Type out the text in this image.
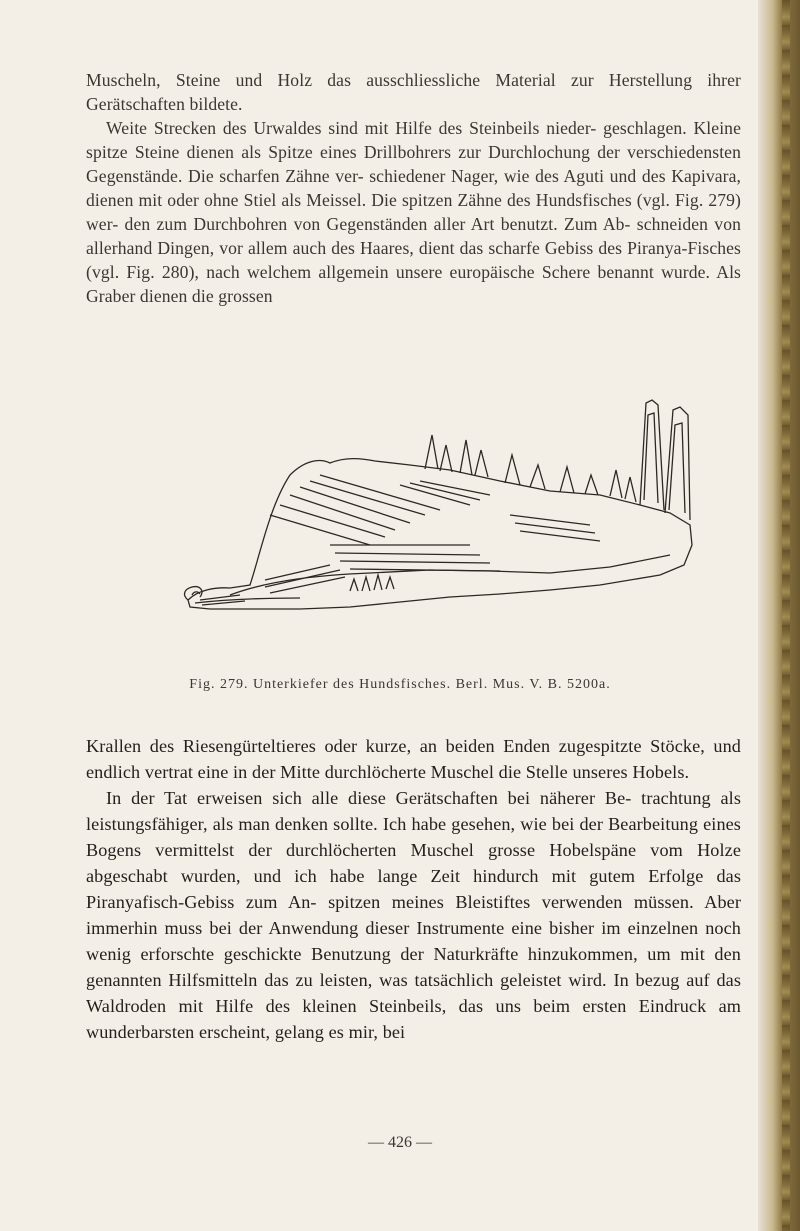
Muscheln, Steine und Holz das ausschliessliche Material zur Herstellung ihrer Gerätschaften bildete.

Weite Strecken des Urwaldes sind mit Hilfe des Steinbeils nieder- geschlagen. Kleine spitze Steine dienen als Spitze eines Drillbohrers zur Durchlochung der verschiedensten Gegenstände. Die scharfen Zähne ver- schiedener Nager, wie des Aguti und des Kapivara, dienen mit oder ohne Stiel als Meissel. Die spitzen Zähne des Hundsfisches (vgl. Fig. 279) wer- den zum Durchbohren von Gegenständen aller Art benutzt. Zum Ab- schneiden von allerhand Dingen, vor allem auch des Haares, dient das scharfe Gebiss des Piranya-Fisches (vgl. Fig. 280), nach welchem allgemein unsere europäische Schere benannt wurde. Als Graber dienen die grossen

Fig. 279. Unterkiefer des Hundsfisches. Berl. Mus. V. B. 5200a.

Krallen des Riesengürteltieres oder kurze, an beiden Enden zugespitzte Stöcke, und endlich vertrat eine in der Mitte durchlöcherte Muschel die Stelle unseres Hobels.

In der Tat erweisen sich alle diese Gerätschaften bei näherer Be- trachtung als leistungsfähiger, als man denken sollte. Ich habe gesehen, wie bei der Bearbeitung eines Bogens vermittelst der durchlöcherten Muschel grosse Hobelspäne vom Holze abgeschabt wurden, und ich habe lange Zeit hindurch mit gutem Erfolge das Piranyafisch-Gebiss zum An- spitzen meines Bleistiftes verwenden müssen. Aber immerhin muss bei der Anwendung dieser Instrumente eine bisher im einzelnen noch wenig erforschte geschickte Benutzung der Naturkräfte hinzukommen, um mit den genannten Hilfsmitteln das zu leisten, was tatsächlich geleistet wird. In bezug auf das Waldroden mit Hilfe des kleinen Steinbeils, das uns beim ersten Eindruck am wunderbarsten erscheint, gelang es mir, bei

— 426 —
